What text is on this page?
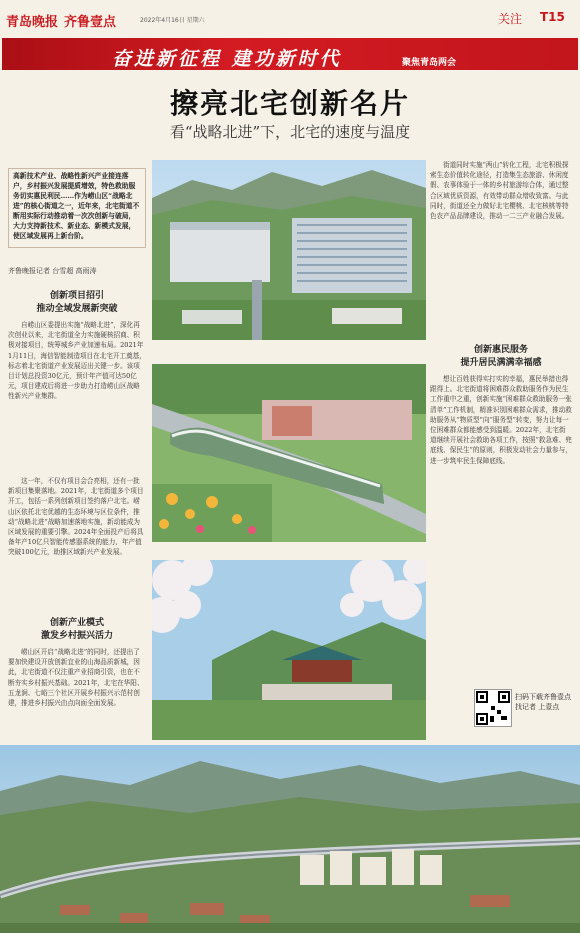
青岛晚报 齐鲁壹点	2022年4月16日 星期六	关注 T15
奋进新征程 建功新时代	聚焦青岛两会
擦亮北宅创新名片
看“战略北进”下，北宅的速度与温度
高新技术产业、战略性新兴产业接连落户，乡村振兴发展提质增效，特色救助服务切实惠民利民……作为崂山区“战略北进”的核心街道之一，近年来，北宅街道不断用实际行动推动着一次次创新与破局，大力支持新技术、新业态、新模式发展，使区域发展再上新台阶。
齐鲁晚报记者 台雪超 高雨涛
创新项目招引
推动全域发展新突破

自崂山区委提出实施“战略北进”，深化再次创业以来，北宅街道全力实施硬核招商、积极对接项目，统筹城乡产业加速布局。2021年1月11日，海信智能制造项目在北宅开工奠基，标志着北宅街道产业发展迈出关键一步。该项目计划总投资30亿元，预计年产值可达50亿元，项目建成后将进一步助力打造崂山区战略性新兴产业集群。

这一年，不仅有项目会合亮相，还有一批新项目集聚落地。2021年，北宅街道多个项目开工，包括一系列创新项目签约落户北宅。崂山区依托北宅优越的生态环境与区位条件，推动“战略北进”战略加速落地实施，新动能成为区域发展的重要引擎。2024年全面投产后将具备年产10亿只智能传感器系统的能力，年产值突破100亿元，助推区域新兴产业发展。

创新产业模式
激发乡村振兴活力

崂山区开启“战略北进”的同时，还提出了要加快建设开放创新宜业的山海品质新城，因此，北宅街道不仅注重产业招商引资，也在不断夯实乡村振兴基础。2021年，北宅在华阳、五龙涧、七峪三个社区开展乡村振兴示范村创建，推进乡村振兴由点向面全面发展。

街道同时实施“两山”转化工程，北宅积极探索生态价值转化途径，打造集生态旅游、休闲度假、农事体验于一体的乡村旅游综合体，通过整合区域优质资源，有效带动群众增收致富。与此同时，街道还全力做好北宅樱桃、北宅核桃等特色农产品品牌建设，推动一二三产业融合发展。

创新惠民服务
提升居民满满幸福感

想让百姓获得实打实的幸福，惠民举措也得跟得上。北宅街道将困难群众救助服务作为民生工作重中之重，创新实施“困难群众救助服务一张清单”工作机制，精准识别困难群众需求，推动救助服务从“物质型”向“服务型”转变，努力让每一位困难群众都能感受到温暖。2022年，北宅街道继续开展社会救助各项工作，按照“救急难、兜底线、保民生”的原则，积极发动社会力量参与，进一步筑牢民生保障底线。

扫码下载齐鲁壹点
找记者 上壹点
